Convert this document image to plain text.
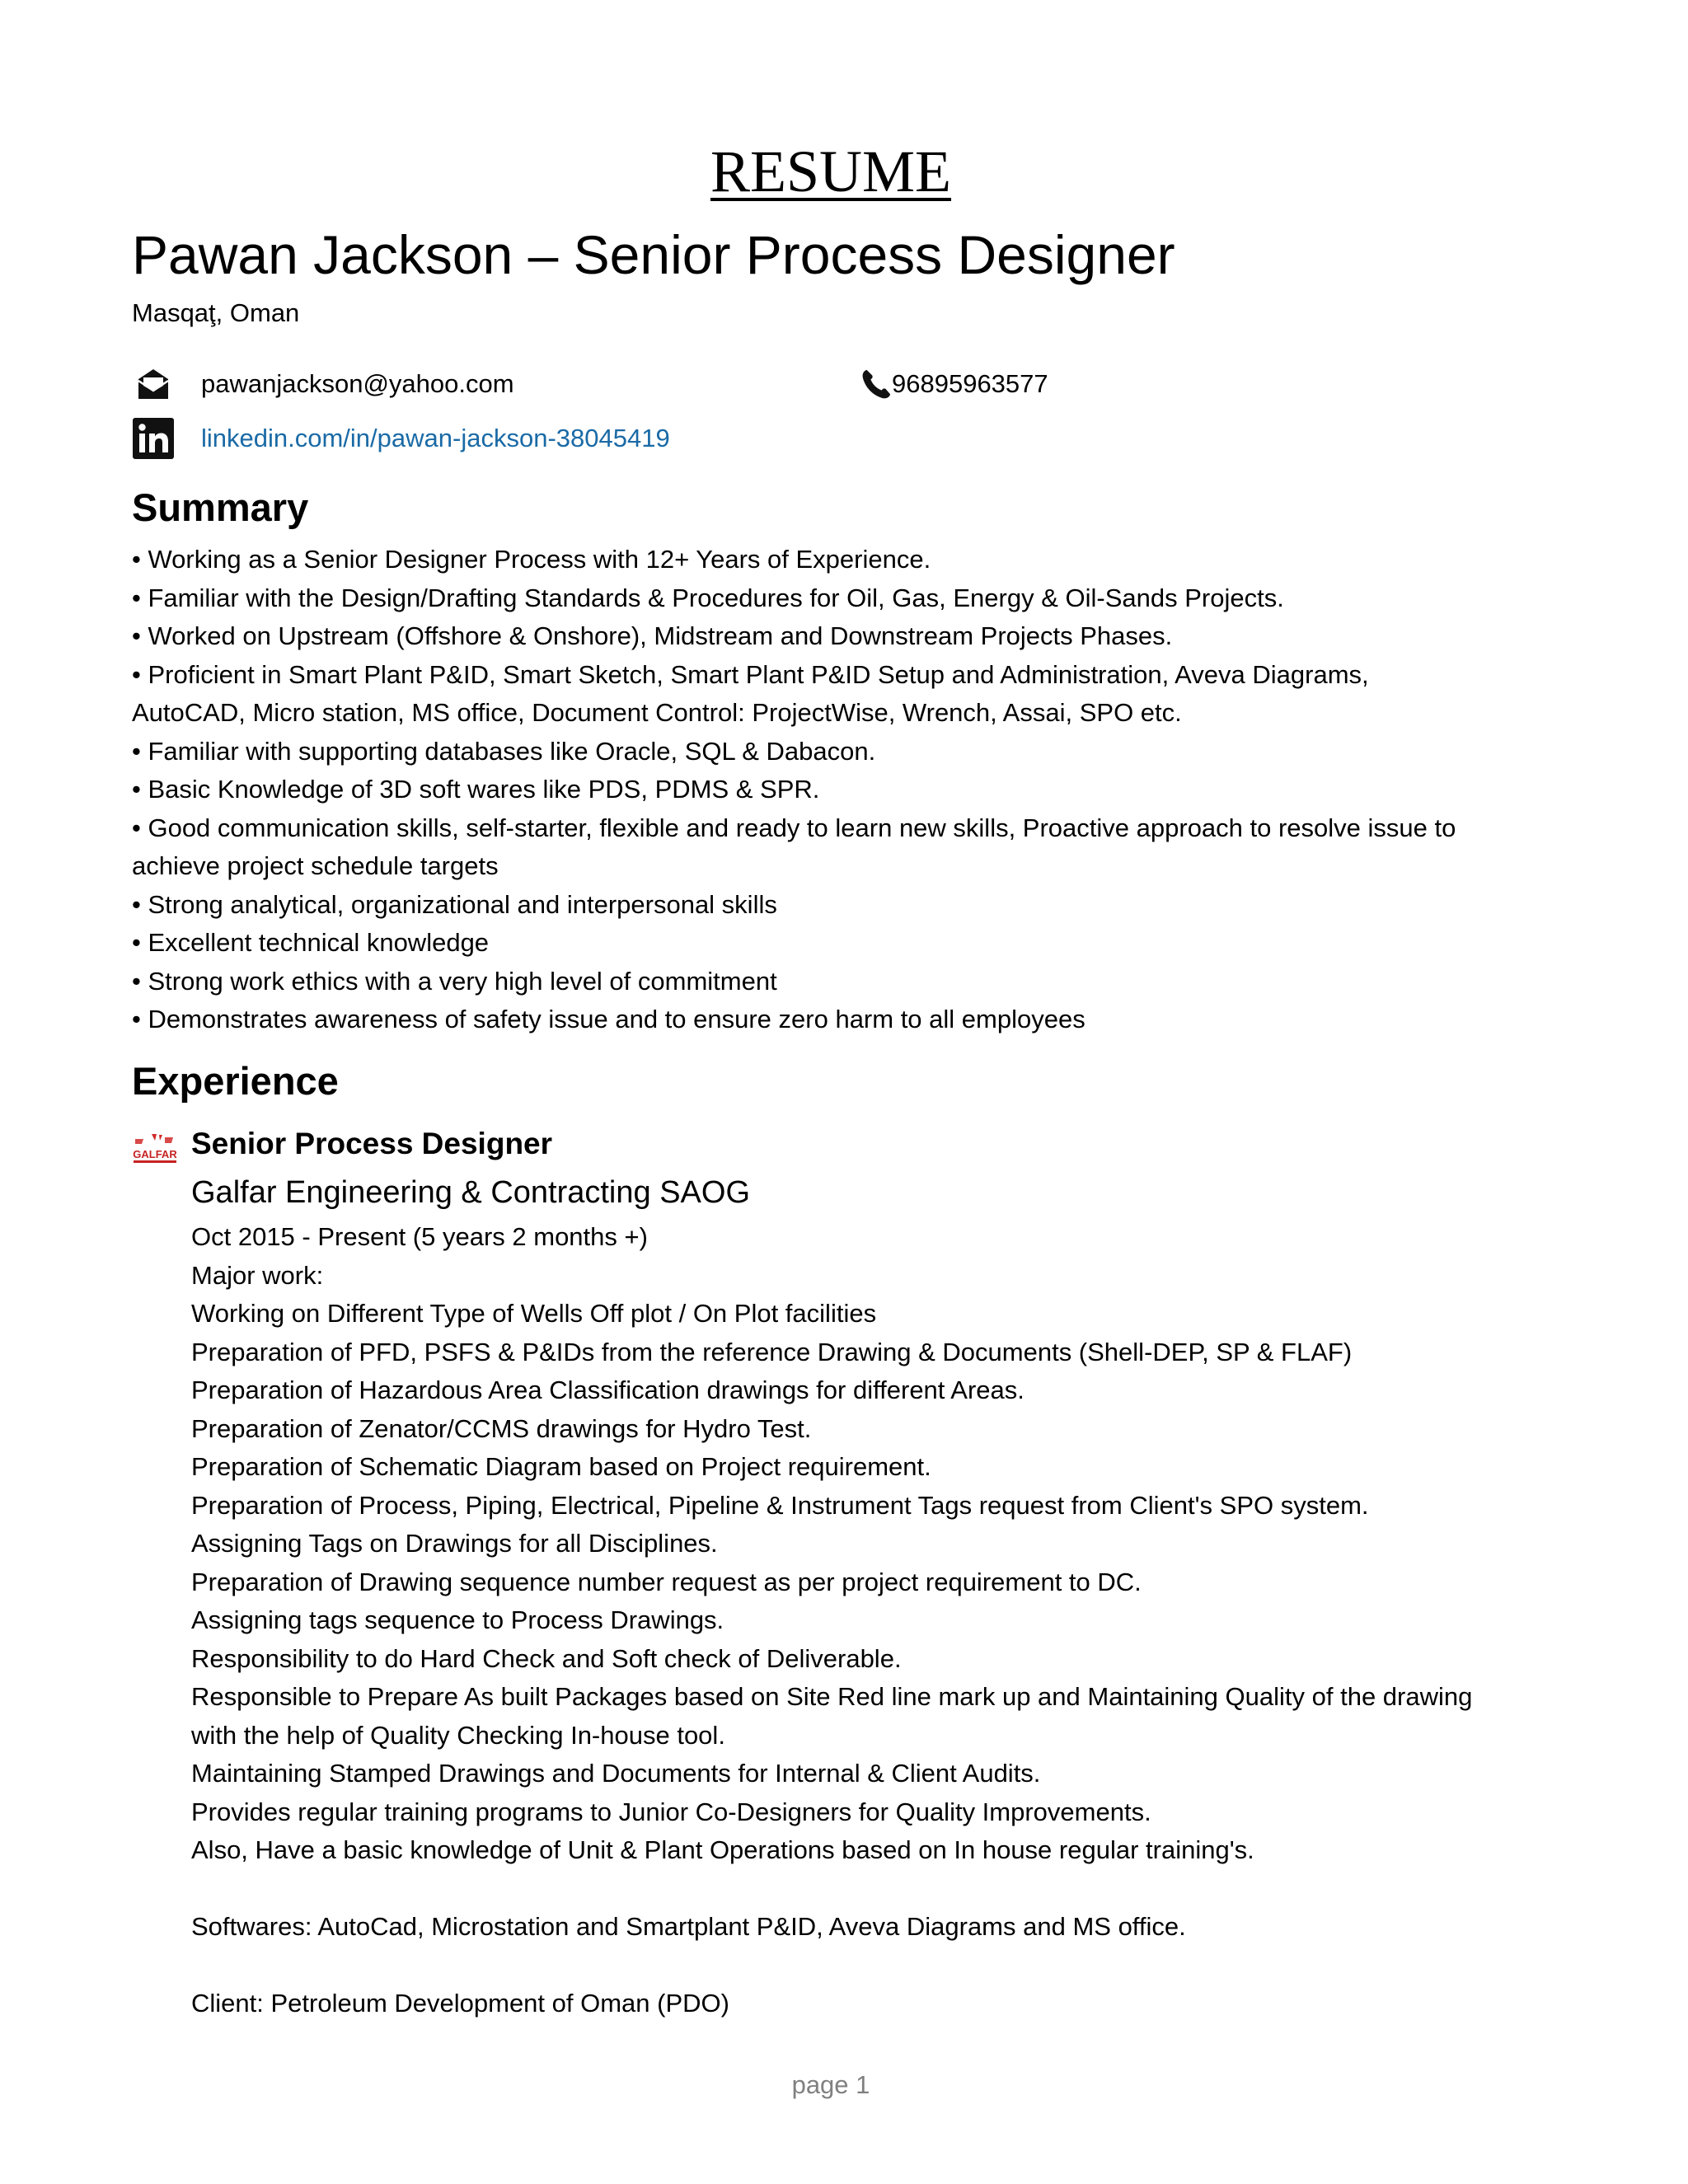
RESUME
Pawan Jackson – Senior Process Designer
Masqaţ, Oman
pawanjackson@yahoo.com	96895963577
linkedin.com/in/pawan-jackson-38045419
Summary
• Working as a Senior Designer Process with 12+ Years of Experience.
• Familiar with the Design/Drafting Standards & Procedures for Oil, Gas, Energy & Oil-Sands Projects.
• Worked on Upstream (Offshore & Onshore), Midstream and Downstream Projects Phases.
• Proficient in Smart Plant P&ID, Smart Sketch, Smart Plant P&ID Setup and Administration, Aveva Diagrams, AutoCAD, Micro station, MS office, Document Control: ProjectWise, Wrench, Assai, SPO etc.
• Familiar with supporting databases like Oracle, SQL & Dabacon.
• Basic Knowledge of 3D soft wares like PDS, PDMS & SPR.
• Good communication skills, self-starter, flexible and ready to learn new skills, Proactive approach to resolve issue to achieve project schedule targets
• Strong analytical, organizational and interpersonal skills
• Excellent technical knowledge
• Strong work ethics with a very high level of commitment
• Demonstrates awareness of safety issue and to ensure zero harm to all employees
Experience
GALFAR Senior Process Designer
Galfar Engineering & Contracting SAOG
Oct 2015 - Present (5 years 2 months +)
Major work:
Working on Different Type of Wells Off plot / On Plot facilities
Preparation of PFD, PSFS & P&IDs from the reference Drawing & Documents (Shell-DEP, SP & FLAF)
Preparation of Hazardous Area Classification drawings for different Areas.
Preparation of Zenator/CCMS drawings for Hydro Test.
Preparation of Schematic Diagram based on Project requirement.
Preparation of Process, Piping, Electrical, Pipeline & Instrument Tags request from Client's SPO system.
Assigning Tags on Drawings for all Disciplines.
Preparation of Drawing sequence number request as per project requirement to DC.
Assigning tags sequence to Process Drawings.
Responsibility to do Hard Check and Soft check of Deliverable.
Responsible to Prepare As built Packages based on Site Red line mark up and Maintaining Quality of the drawing with the help of Quality Checking In-house tool.
Maintaining Stamped Drawings and Documents for Internal & Client Audits.
Provides regular training programs to Junior Co-Designers for Quality Improvements.
Also, Have a basic knowledge of Unit & Plant Operations based on In house regular training's.
Softwares: AutoCad, Microstation and Smartplant P&ID, Aveva Diagrams and MS office.
Client: Petroleum Development of Oman (PDO)
page 1
